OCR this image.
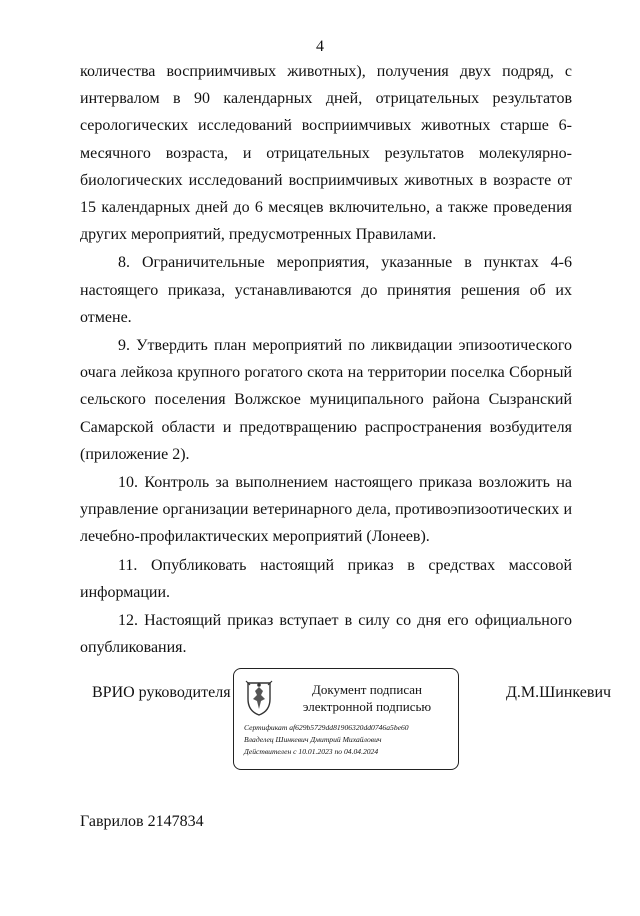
4

количества восприимчивых животных), получения двух подряд, с интервалом в 90 календарных дней, отрицательных результатов серологических исследований восприимчивых животных старше 6-месячного возраста, и отрицательных результатов молекулярно-биологических исследований восприимчивых животных в возрасте от 15 календарных дней до 6 месяцев включительно, а также проведения других мероприятий, предусмотренных Правилами.

8. Ограничительные мероприятия, указанные в пунктах 4-6 настоящего приказа, устанавливаются до принятия решения об их отмене.

9. Утвердить план мероприятий по ликвидации эпизоотического очага лейкоза крупного рогатого скота на территории поселка Сборный сельского поселения Волжское муниципального района Сызранский Самарской области и предотвращению распространения возбудителя (приложение 2).

10. Контроль за выполнением настоящего приказа возложить на управление организации ветеринарного дела, противоэпизоотических и лечебно-профилактических мероприятий (Лонеев).

11. Опубликовать настоящий приказ в средствах массовой информации.

12. Настоящий приказ вступает в силу со дня его официального опубликования.

ВРИО руководителя	Документ подписан
электронной подписью
Сертификат af629b5729dd81906320dd0746a5be60
Владелец Шинкевич Дмитрий Михайлович
Действителен с 10.01.2023 по 04.04.2024
Д.М.Шинкевич
Гаврилов 2147834
